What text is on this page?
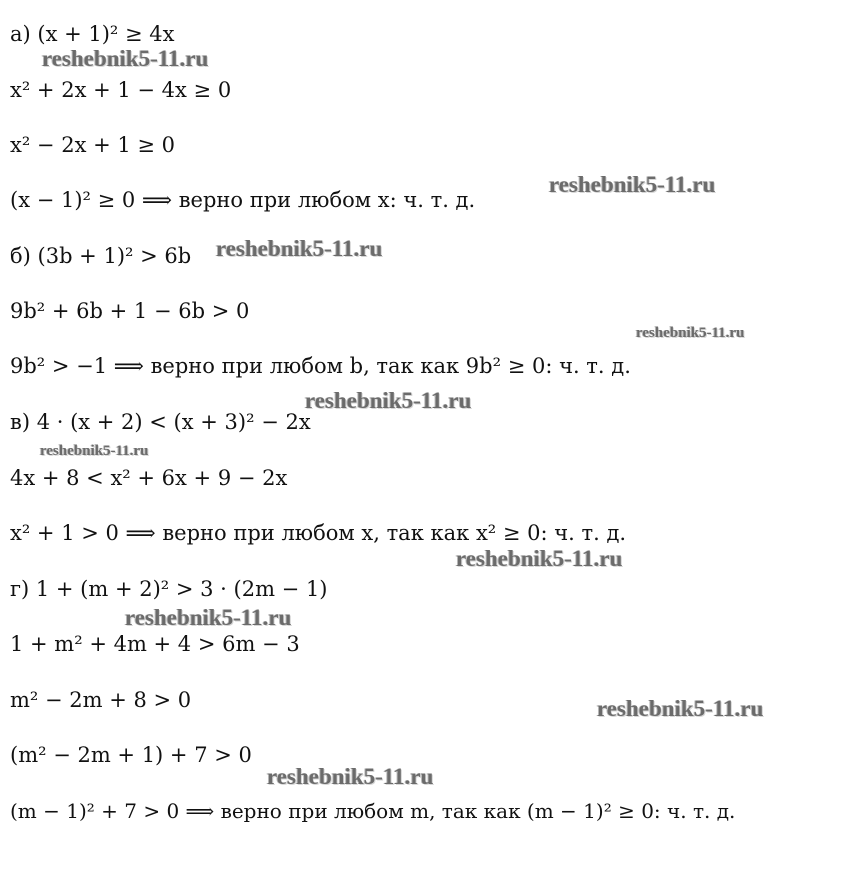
а) (x + 1)² ≥ 4x
x² + 2x + 1 − 4x ≥ 0
x² − 2x + 1 ≥ 0
(x − 1)² ≥ 0 ⟹ верно при любом x: ч. т. д.
б) (3b + 1)² > 6b
9b² + 6b + 1 − 6b > 0
9b² > −1 ⟹ верно при любом b, так как 9b² ≥ 0: ч. т. д.
в) 4 · (x + 2) < (x + 3)² − 2x
4x + 8 < x² + 6x + 9 − 2x
x² + 1 > 0 ⟹ верно при любом x, так как x² ≥ 0: ч. т. д.
г) 1 + (m + 2)² > 3 · (2m − 1)
1 + m² + 4m + 4 > 6m − 3
m² − 2m + 8 > 0
(m² − 2m + 1) + 7 > 0
(m − 1)² + 7 > 0 ⟹ верно при любом m, так как (m − 1)² ≥ 0: ч. т. д.
reshebnik5-11.ru
reshebnik5-11.ru
reshebnik5-11.ru
reshebnik5-11.ru
reshebnik5-11.ru
reshebnik5-11.ru
reshebnik5-11.ru
reshebnik5-11.ru
reshebnik5-11.ru
reshebnik5-11.ru
